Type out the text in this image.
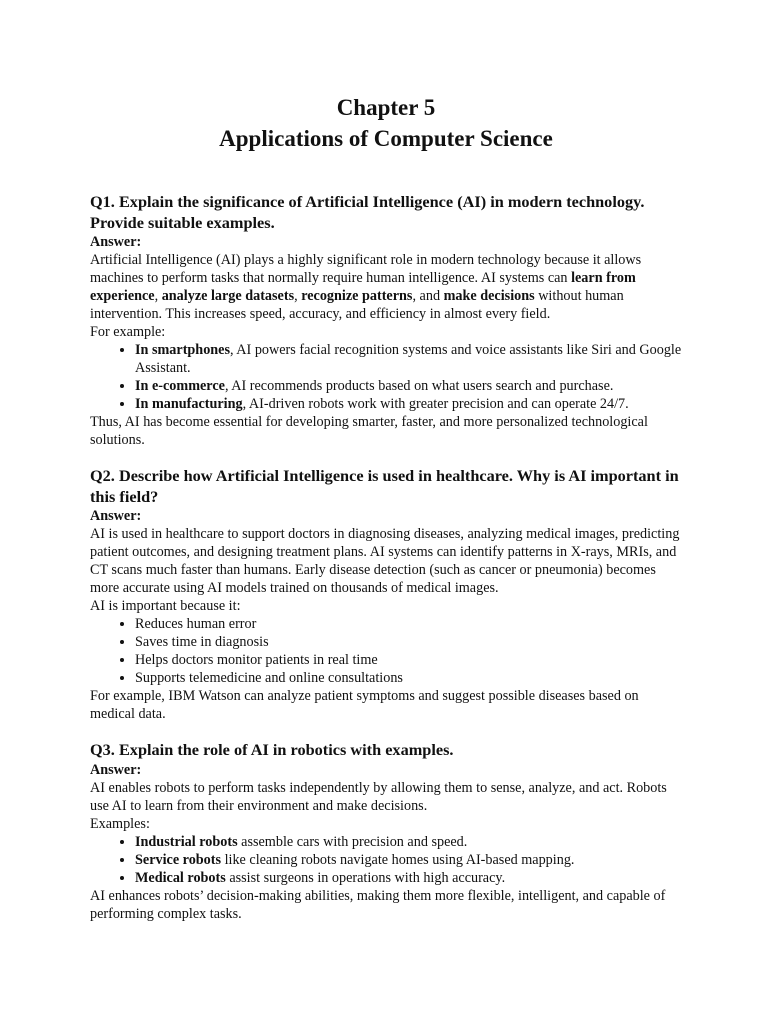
Chapter 5
Applications of Computer Science

Q1. Explain the significance of Artificial Intelligence (AI) in modern technology. Provide suitable examples.

Answer:

Artificial Intelligence (AI) plays a highly significant role in modern technology because it allows machines to perform tasks that normally require human intelligence. AI systems can learn from experience, analyze large datasets, recognize patterns, and make decisions without human intervention. This increases speed, accuracy, and efficiency in almost every field.

For example:

• In smartphones, AI powers facial recognition systems and voice assistants like Siri and Google Assistant.
• In e-commerce, AI recommends products based on what users search and purchase.
• In manufacturing, AI-driven robots work with greater precision and can operate 24/7.

Thus, AI has become essential for developing smarter, faster, and more personalized technological solutions.

Q2. Describe how Artificial Intelligence is used in healthcare. Why is AI important in this field?

Answer:

AI is used in healthcare to support doctors in diagnosing diseases, analyzing medical images, predicting patient outcomes, and designing treatment plans. AI systems can identify patterns in X-rays, MRIs, and CT scans much faster than humans. Early disease detection (such as cancer or pneumonia) becomes more accurate using AI models trained on thousands of medical images.

AI is important because it:

• Reduces human error
• Saves time in diagnosis
• Helps doctors monitor patients in real time
• Supports telemedicine and online consultations

For example, IBM Watson can analyze patient symptoms and suggest possible diseases based on medical data.

Q3. Explain the role of AI in robotics with examples.

Answer:

AI enables robots to perform tasks independently by allowing them to sense, analyze, and act. Robots use AI to learn from their environment and make decisions.

Examples:

• Industrial robots assemble cars with precision and speed.
• Service robots like cleaning robots navigate homes using AI-based mapping.
• Medical robots assist surgeons in operations with high accuracy.

AI enhances robots’ decision-making abilities, making them more flexible, intelligent, and capable of performing complex tasks.
